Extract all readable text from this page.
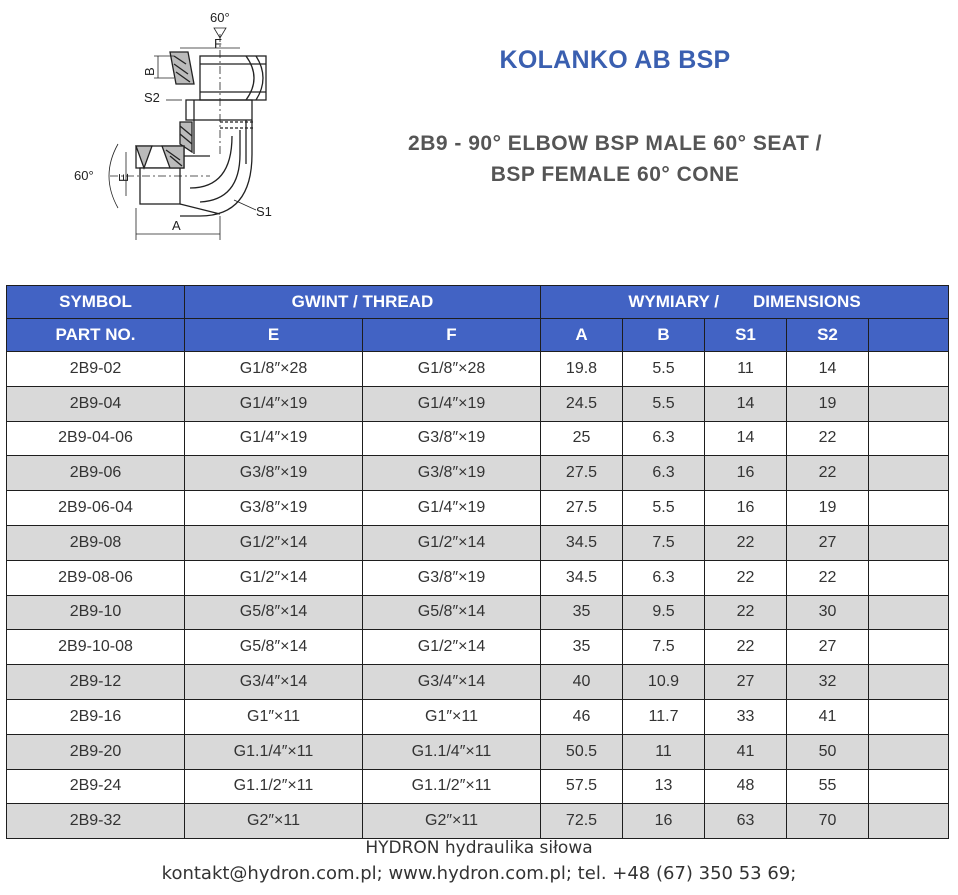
60°
F
B
S2
60° E
S1
A
KOLANKO AB BSP
2B9 - 90° ELBOW BSP MALE 60° SEAT /
BSP FEMALE 60° CONE
SYMBOL	GWINT / THREAD		WYMIARY / DIMENSIONS				
PART NO.	E	F	A	B	S1	S2	
2B9-02	G1/8″×28	G1/8″×28	19.8	5.5	11	14	
2B9-04	G1/4″×19	G1/4″×19	24.5	5.5	14	19	
2B9-04-06	G1/4″×19	G3/8″×19	25	6.3	14	22	
2B9-06	G3/8″×19	G3/8″×19	27.5	6.3	16	22	
2B9-06-04	G3/8″×19	G1/4″×19	27.5	5.5	16	19	
2B9-08	G1/2″×14	G1/2″×14	34.5	7.5	22	27	
2B9-08-06	G1/2″×14	G3/8″×19	34.5	6.3	22	22	
2B9-10	G5/8″×14	G5/8″×14	35	9.5	22	30	
2B9-10-08	G5/8″×14	G1/2″×14	35	7.5	22	27	
2B9-12	G3/4″×14	G3/4″×14	40	10.9	27	32	
2B9-16	G1″×11	G1″×11	46	11.7	33	41	
2B9-20	G1.1/4″×11	G1.1/4″×11	50.5	11	41	50	
2B9-24	G1.1/2″×11	G1.1/2″×11	57.5	13	48	55	
2B9-32	G2″×11	G2″×11	72.5	16	63	70	
HYDRON hydraulika siłowa
kontakt@hydron.com.pl; www.hydron.com.pl; tel. +48 (67) 350 53 69;
